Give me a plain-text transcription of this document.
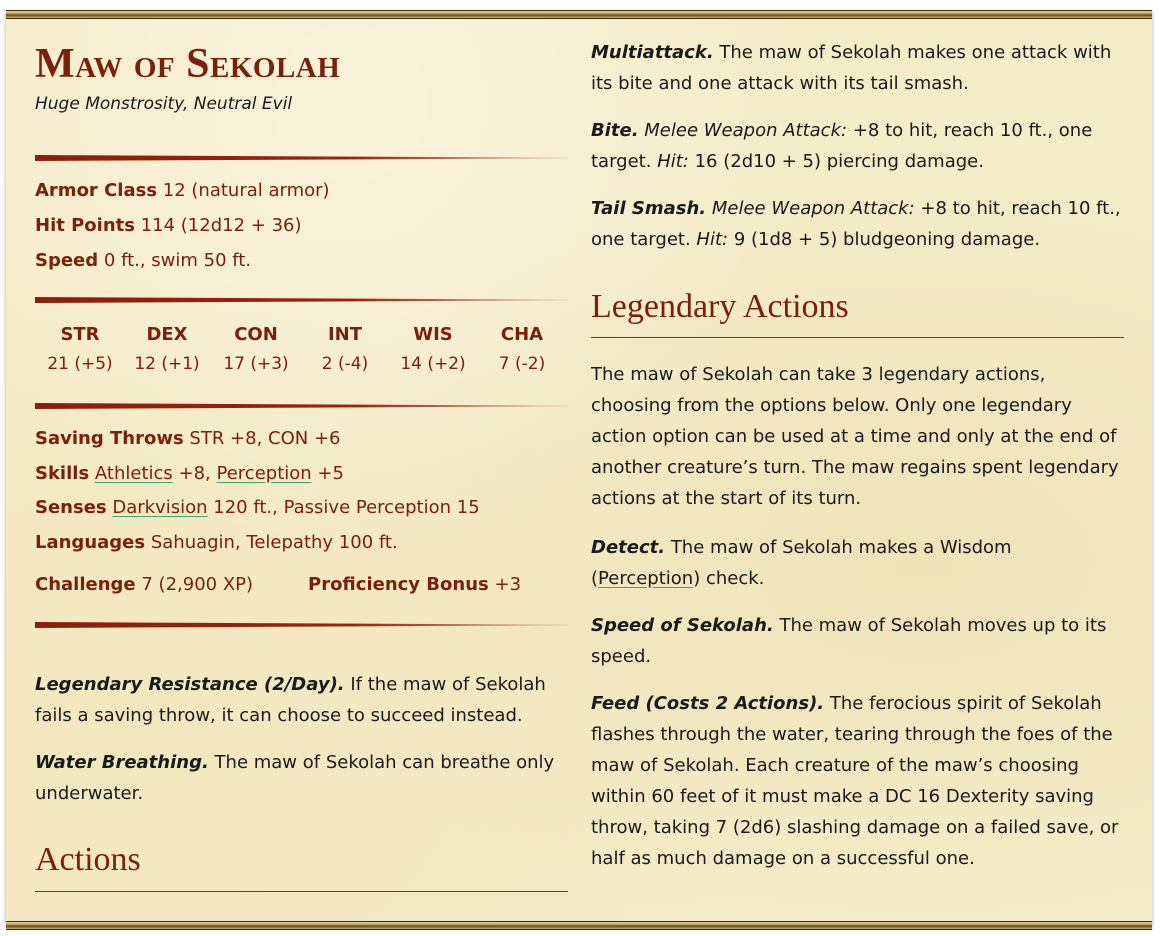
Maw of Sekolah
Huge Monstrosity, Neutral Evil
Armor Class 12 (natural armor)
Hit Points 114 (12d12 + 36)
Speed 0 ft., swim 50 ft.
STR
21 (+5)
DEX
12 (+1)
CON
17 (+3)
INT
2 (-4)
WIS
14 (+2)
CHA
7 (-2)
Saving Throws STR +8, CON +6
Skills Athletics +8, Perception +5
Senses Darkvision 120 ft., Passive Perception 15
Languages Sahuagin, Telepathy 100 ft.
Challenge 7 (2,900 XP)	Proficiency Bonus +3
Legendary Resistance (2/Day). If the maw of Sekolah fails a saving throw, it can choose to succeed instead.
Water Breathing. The maw of Sekolah can breathe only underwater.
Actions
Multiattack. The maw of Sekolah makes one attack with its bite and one attack with its tail smash.
Bite. Melee Weapon Attack: +8 to hit, reach 10 ft., one target. Hit: 16 (2d10 + 5) piercing damage.
Tail Smash. Melee Weapon Attack: +8 to hit, reach 10 ft., one target. Hit: 9 (1d8 + 5) bludgeoning damage.
Legendary Actions
The maw of Sekolah can take 3 legendary actions, choosing from the options below. Only one legendary action option can be used at a time and only at the end of another creature’s turn. The maw regains spent legendary actions at the start of its turn.
Detect. The maw of Sekolah makes a Wisdom (Perception) check.
Speed of Sekolah. The maw of Sekolah moves up to its speed.
Feed (Costs 2 Actions). The ferocious spirit of Sekolah flashes through the water, tearing through the foes of the maw of Sekolah. Each creature of the maw’s choosing within 60 feet of it must make a DC 16 Dexterity saving throw, taking 7 (2d6) slashing damage on a failed save, or half as much damage on a successful one.
